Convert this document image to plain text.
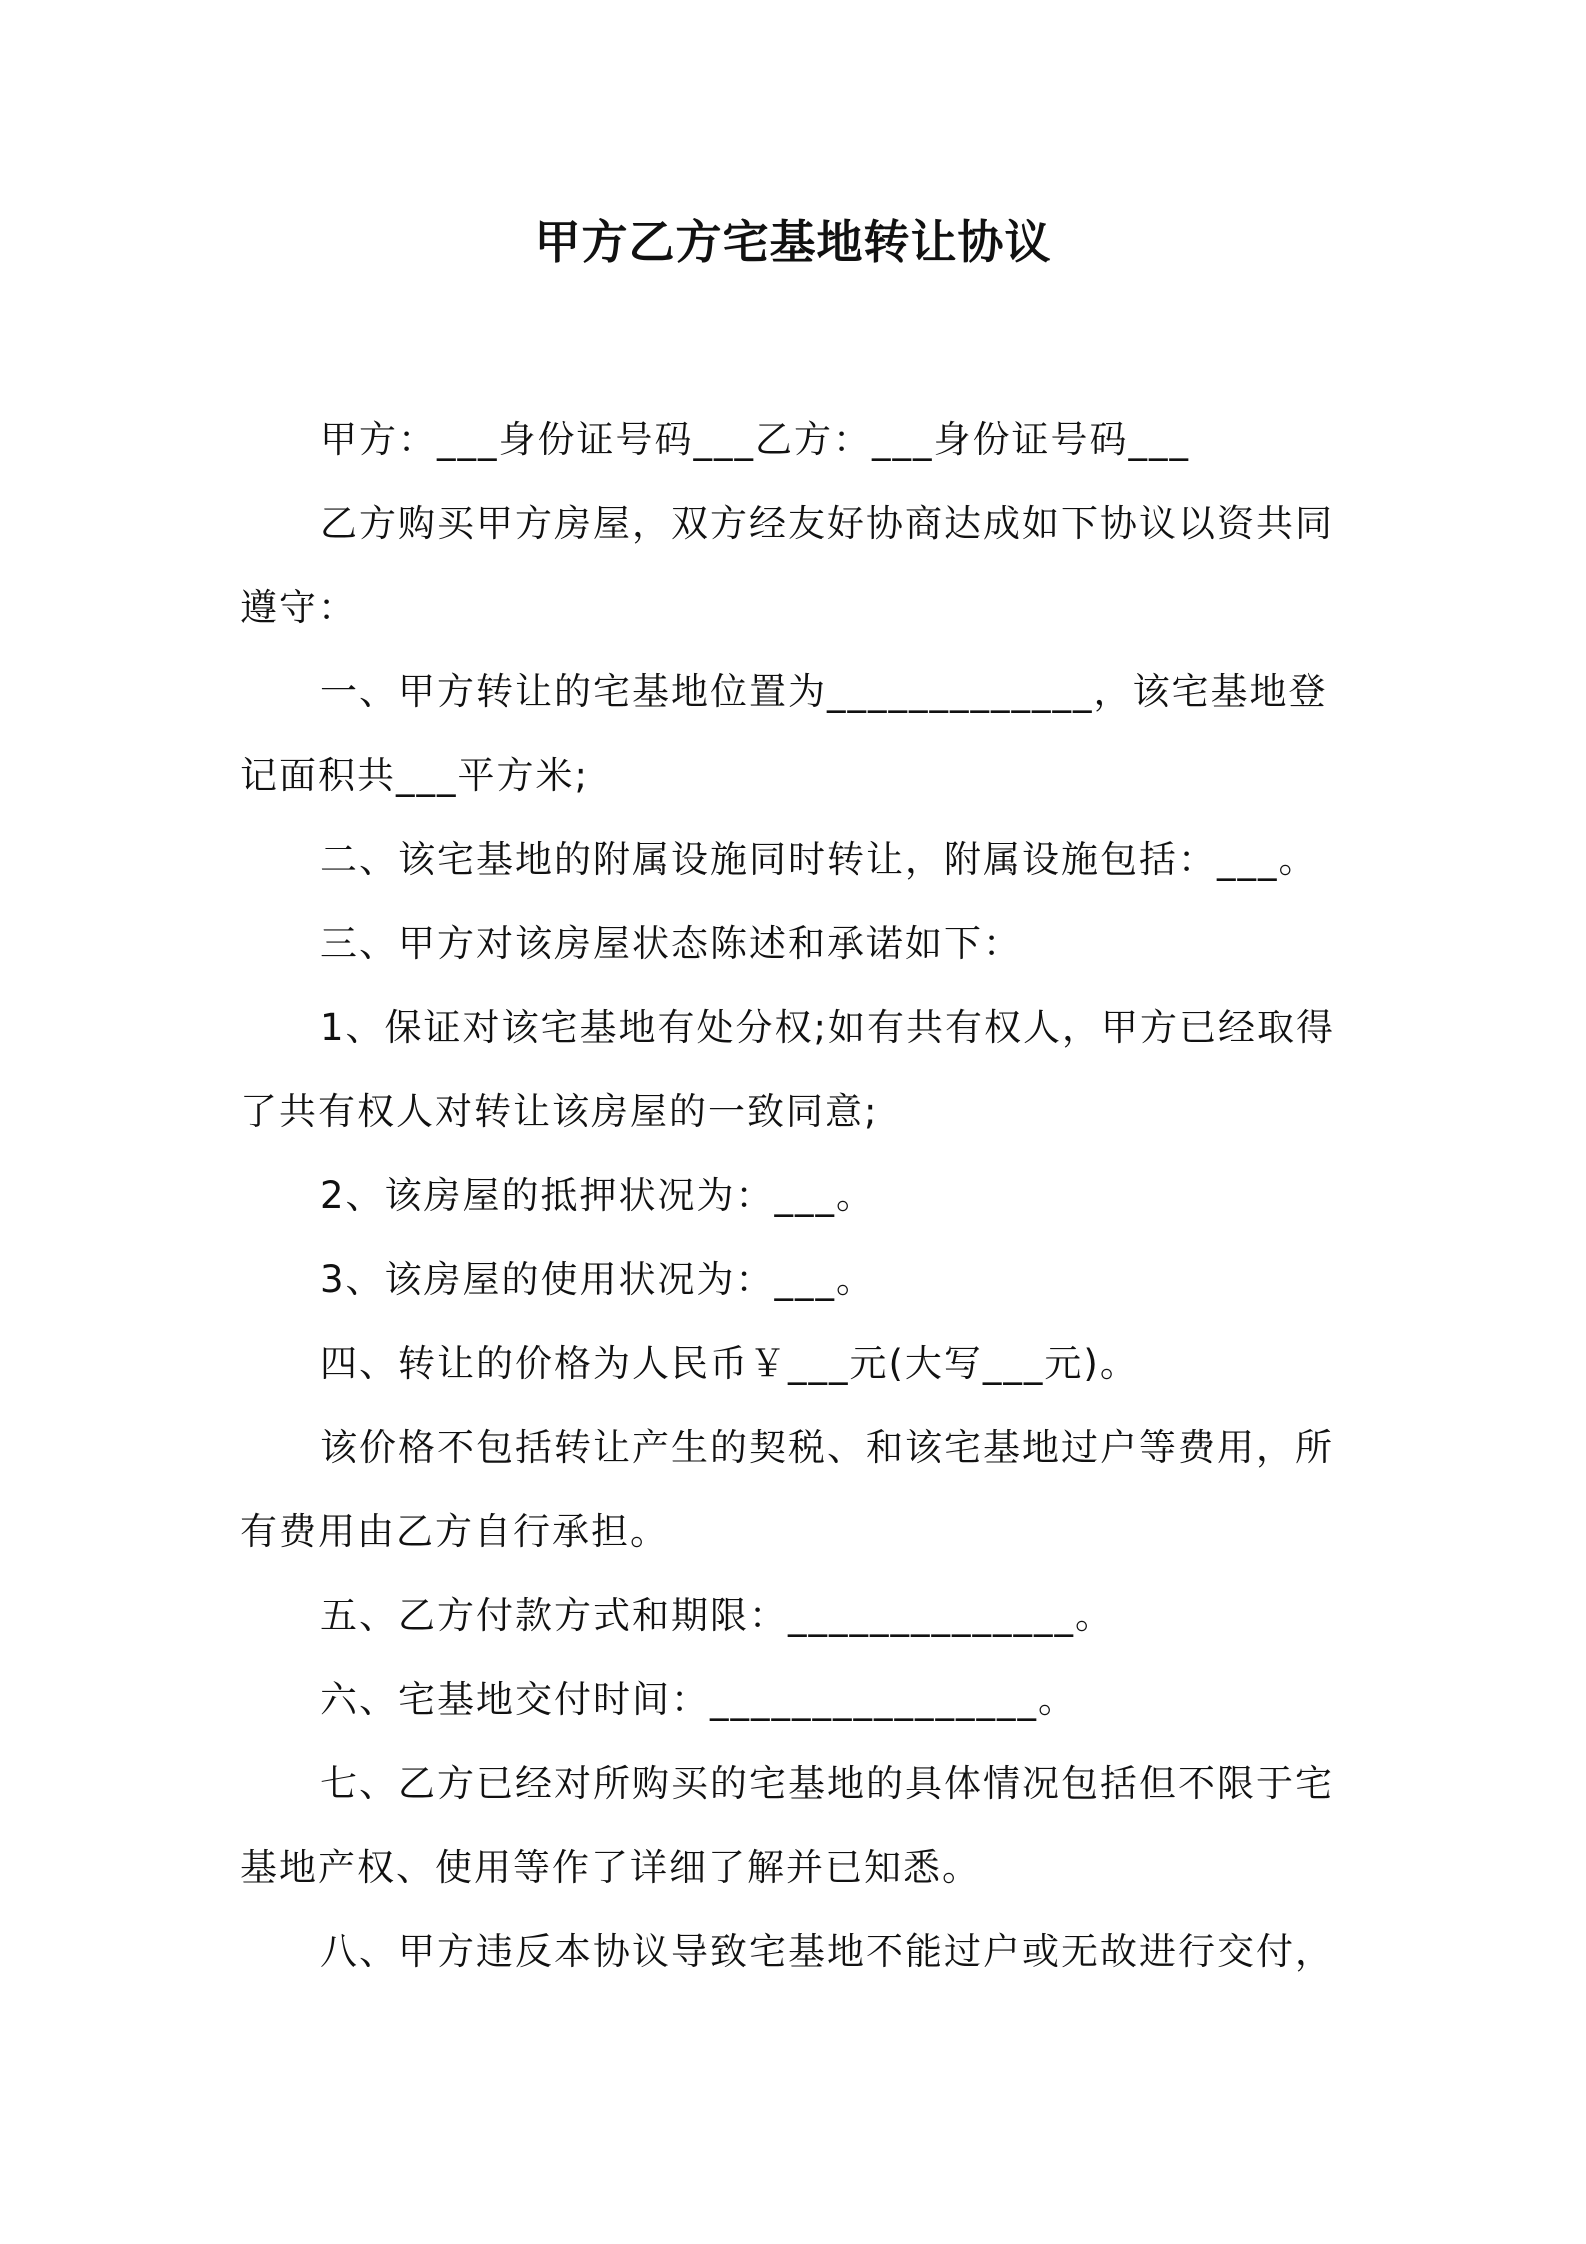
甲方乙方宅基地转让协议

甲方：___身份证号码___乙方：___身份证号码___

乙方购买甲方房屋，双方经友好协商达成如下协议以资共同遵守：

一、甲方转让的宅基地位置为_____________，该宅基地登记面积共___平方米;

二、该宅基地的附属设施同时转让，附属设施包括：___。

三、甲方对该房屋状态陈述和承诺如下：

1、保证对该宅基地有处分权;如有共有权人，甲方已经取得了共有权人对转让该房屋的一致同意;

2、该房屋的抵押状况为：___。

3、该房屋的使用状况为：___。

四、转让的价格为人民币￥___元(大写___元)。

该价格不包括转让产生的契税、和该宅基地过户等费用，所有费用由乙方自行承担。

五、乙方付款方式和期限：______________。

六、宅基地交付时间：________________。

七、乙方已经对所购买的宅基地的具体情况包括但不限于宅基地产权、使用等作了详细了解并已知悉。

八、甲方违反本协议导致宅基地不能过户或无故进行交付，
